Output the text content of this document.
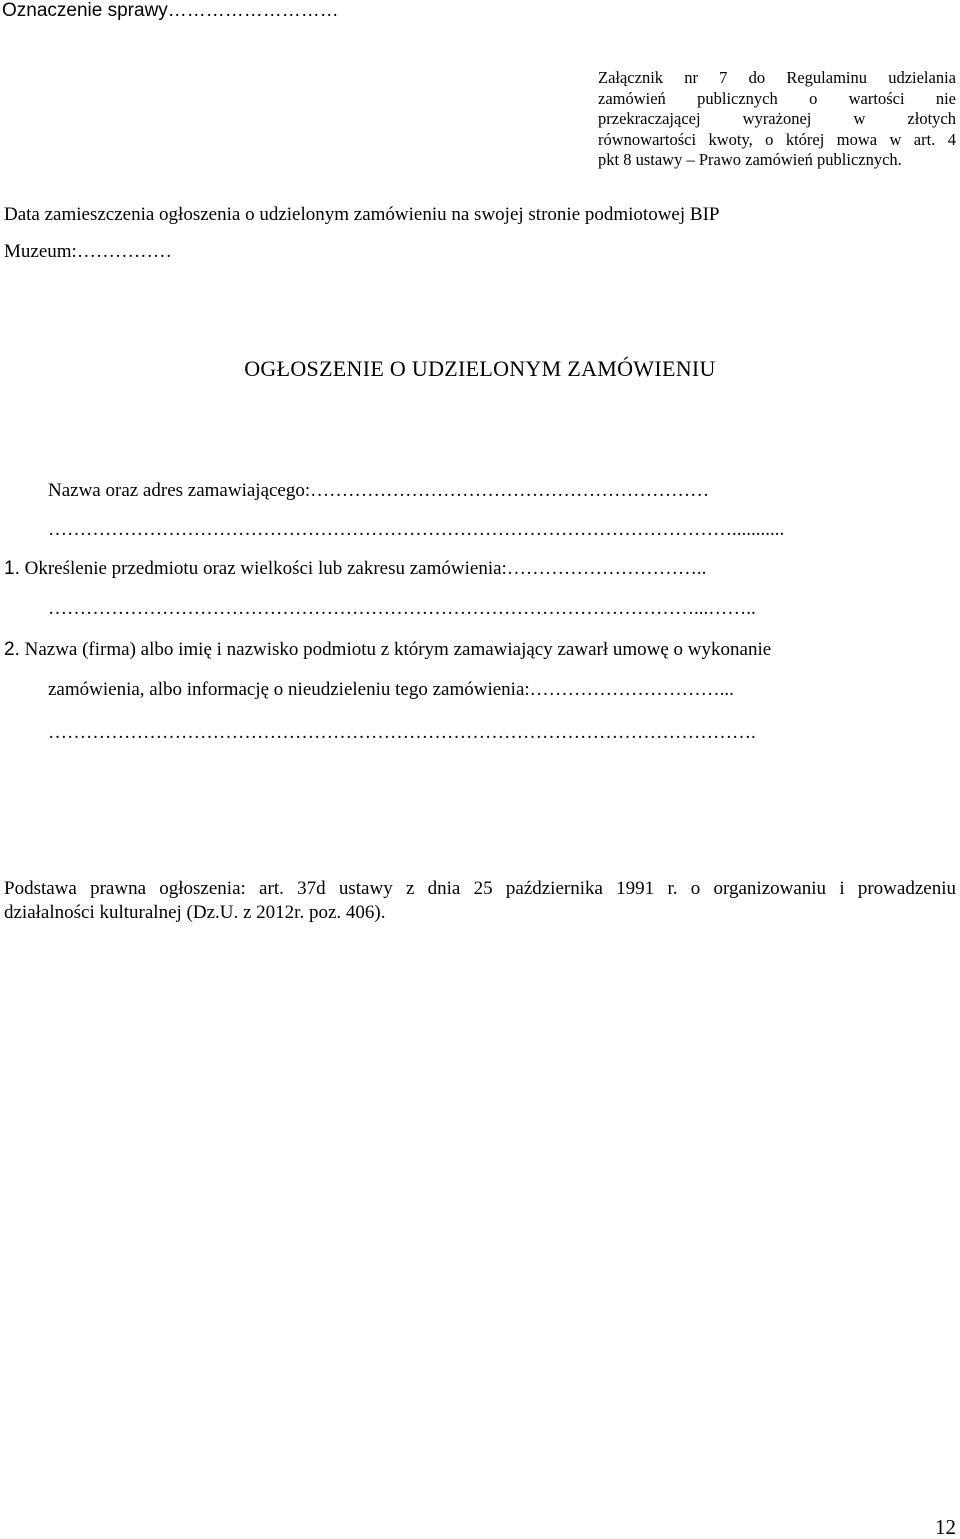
Oznaczenie sprawy………………………
Załącznik nr 7 do Regulaminu udzielania
zamówień publicznych o wartości nie
przekraczającej wyrażonej w złotych
równowartości kwoty, o której mowa w art. 4
pkt 8 ustawy – Prawo zamówień publicznych.
Data zamieszczenia ogłoszenia o udzielonym zamówieniu na swojej stronie podmiotowej BIP
Muzeum:……………
OGŁOSZENIE O UDZIELONYM ZAMÓWIENIU
Nazwa oraz adres zamawiającego:………………………………………………………
………………………………………………………………………………………………...........
1. Określenie przedmiotu oraz wielkości lub zakresu zamówienia:…………………………..
…………………………………………………………………………………………...……..
2. Nazwa (firma) albo imię i nazwisko podmiotu z którym zamawiający zawarł umowę o wykonanie
zamówienia, albo informację o nieudzieleniu tego zamówienia:…………………………...
………………………………………………………………………………………………….
Podstawa prawna ogłoszenia: art. 37d ustawy z dnia 25 października 1991 r. o organizowaniu i prowadzeniu
działalności kulturalnej (Dz.U. z 2012r. poz. 406).
12
